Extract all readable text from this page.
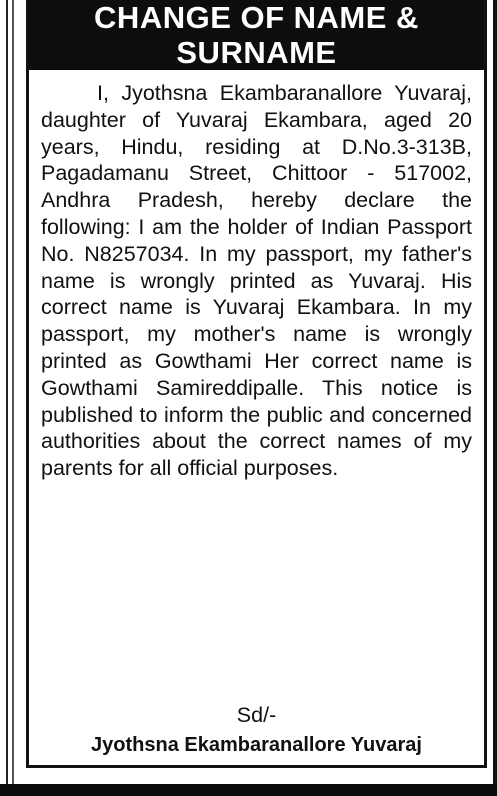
CHANGE OF NAME &
SURNAME

I, Jyothsna Ekambaranallore Yuvaraj, daughter of Yuvaraj Ekambara, aged 20 years, Hindu, residing at D.No.3-313B, Pagadamanu Street, Chittoor - 517002, Andhra Pradesh, hereby declare the following: I am the holder of Indian Passport No. N8257034. In my passport, my father's name is wrongly printed as Yuvaraj. His correct name is Yuvaraj Ekambara. In my passport, my mother's name is wrongly printed as Gowthami Her correct name is Gowthami Samireddipalle. This notice is published to inform the public and concerned authorities about the correct names of my parents for all official purposes.

Sd/-
Jyothsna Ekambaranallore Yuvaraj
